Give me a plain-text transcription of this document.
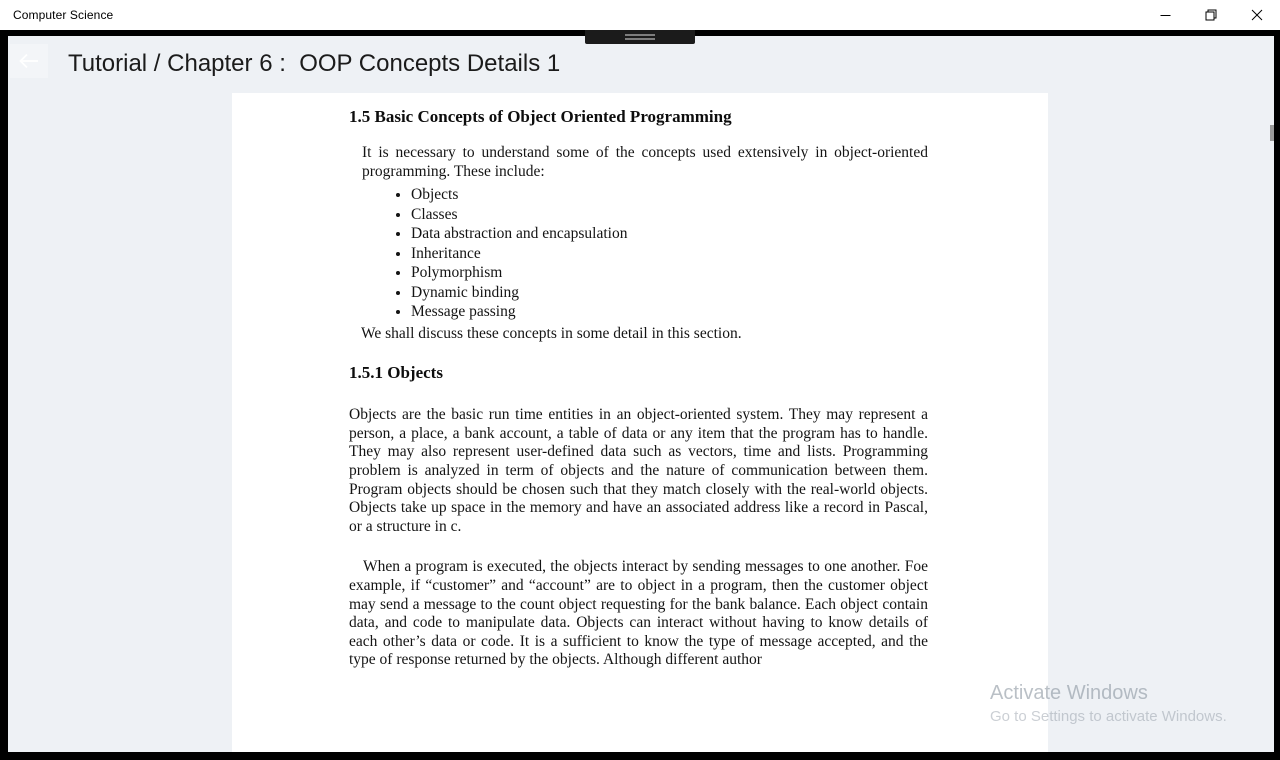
Computer Science
Tutorial / Chapter 6 :  OOP Concepts Details 1
1.5 Basic Concepts of Object Oriented Programming

It is necessary to understand some of the concepts used extensively in object-oriented programming. These include:

• Objects
• Classes
• Data abstraction and encapsulation
• Inheritance
• Polymorphism
• Dynamic binding
• Message passing

We shall discuss these concepts in some detail in this section.

1.5.1 Objects

Objects are the basic run time entities in an object-oriented system. They may represent a person, a place, a bank account, a table of data or any item that the program has to handle. They may also represent user-defined data such as vectors, time and lists. Programming problem is analyzed in term of objects and the nature of communication between them. Program objects should be chosen such that they match closely with the real-world objects. Objects take up space in the memory and have an associated address like a record in Pascal, or a structure in c.

When a program is executed, the objects interact by sending messages to one another. Foe example, if “customer” and “account” are to object in a program, then the customer object may send a message to the count object requesting for the bank balance. Each object contain data, and code to manipulate data. Objects can interact without having to know details of each other’s data or code. It is a sufficient to know the type of message accepted, and the type of response returned by the objects. Although different author

Activate Windows
Go to Settings to activate Windows.
